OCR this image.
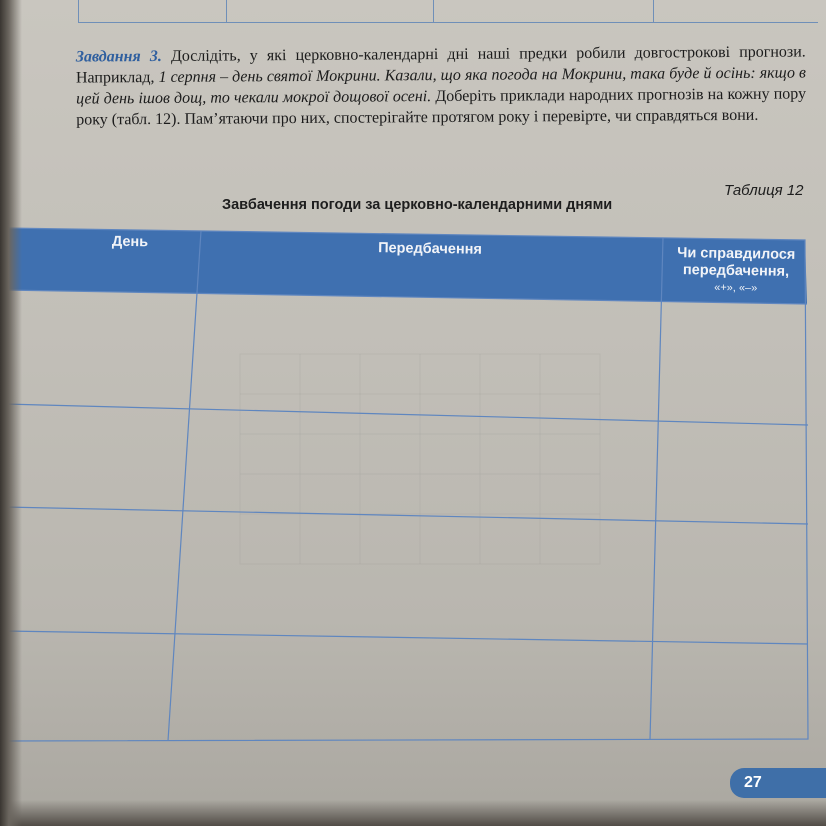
Завдання 3. Дослідіть, у які церковно-календарні дні наші предки робили довгострокові прогнози. Наприклад, 1 серпня – день святої Мокрини. Казали, що яка погода на Мокрини, така буде й осінь: якщо в цей день ішов дощ, то чекали мокрої дощової осені. Доберіть приклади народних прогнозів на кожну пору року (табл. 12). Пам’ятаючи про них, спостерігайте протягом року і перевірте, чи справдяться вони.
Таблиця 12
Завбачення погоди за церковно-календарними днями
День	Передбачення	Чи справдилося передбачення,
«+», «–»
27
